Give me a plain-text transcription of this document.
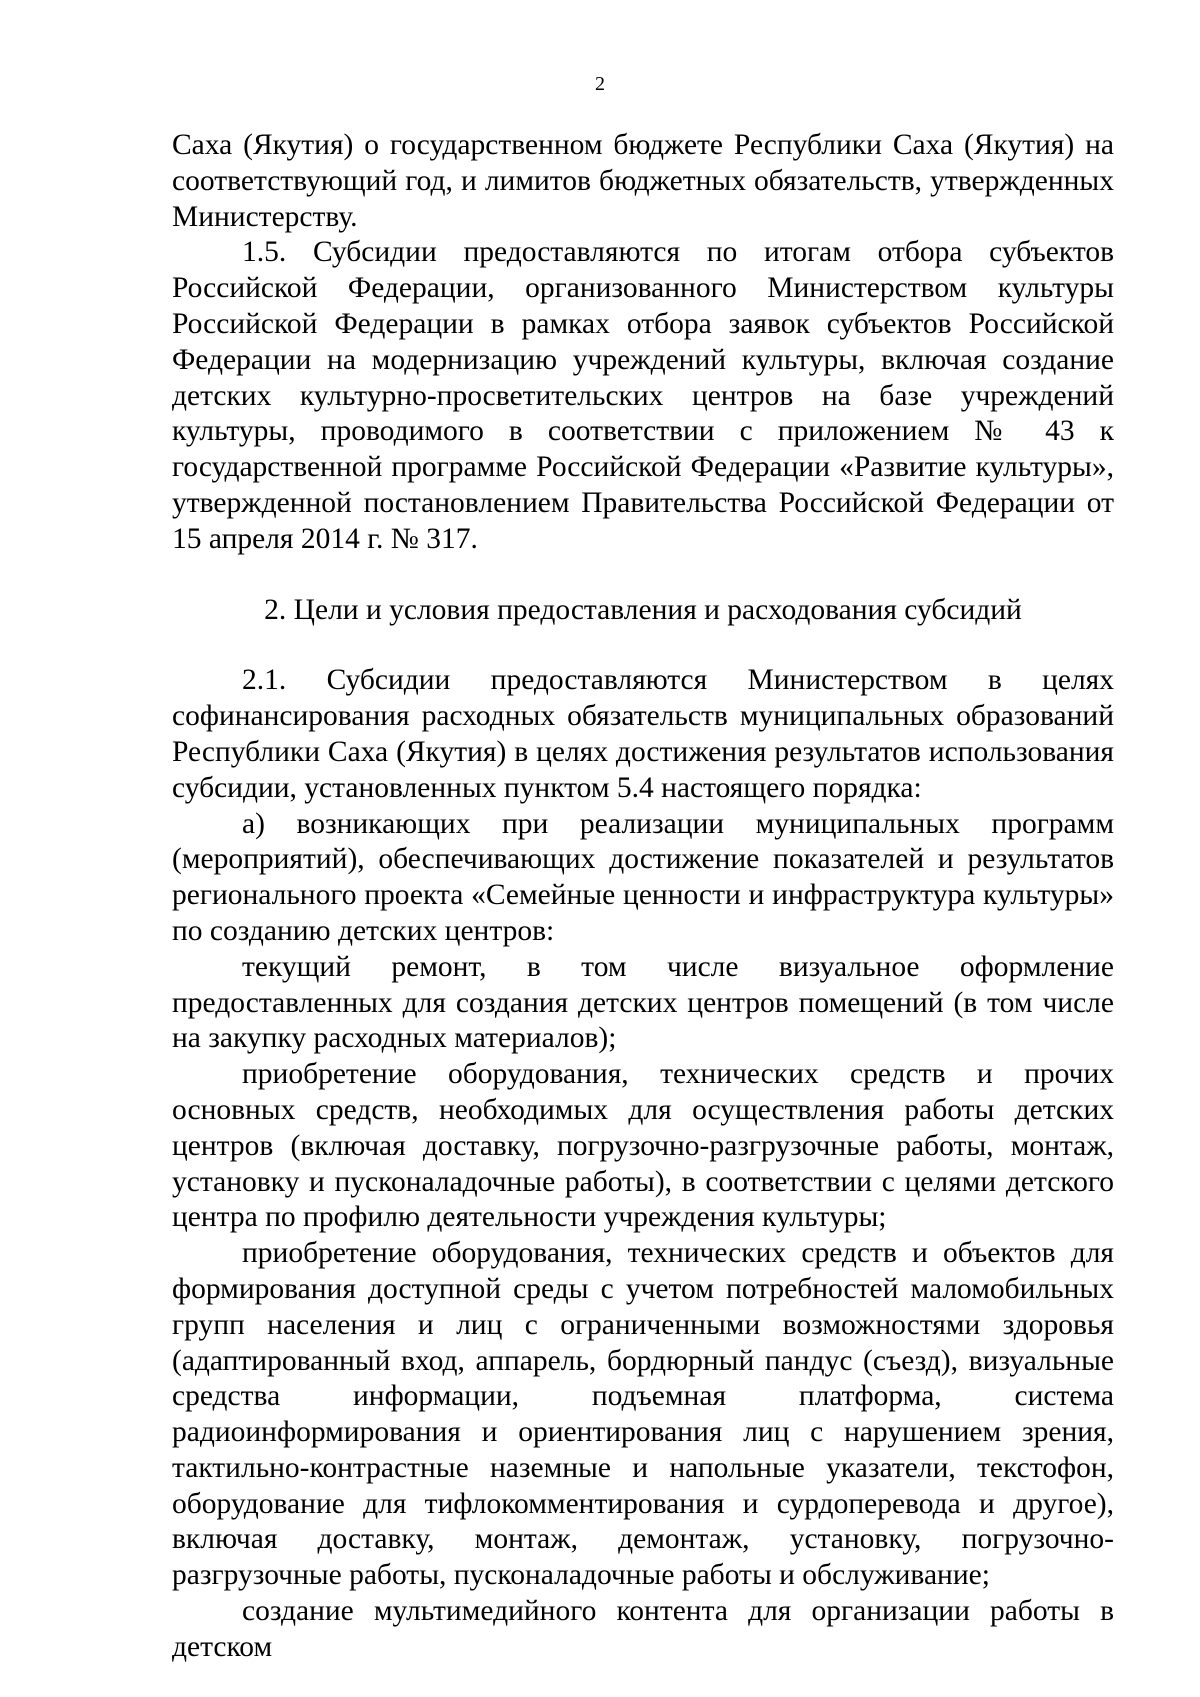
2

Саха (Якутия) о государственном бюджете Республики Саха (Якутия) на соответствующий год, и лимитов бюджетных обязательств, утвержденных Министерству.

1.5. Субсидии предоставляются по итогам отбора субъектов Российской Федерации, организованного Министерством культуры Российской Федерации в рамках отбора заявок субъектов Российской Федерации на модернизацию учреждений культуры, включая создание детских культурно-просветительских центров на базе учреждений культуры, проводимого в соответствии с приложением № 43 к государственной программе Российской Федерации «Развитие культуры», утвержденной постановлением Правительства Российской Федерации от 15 апреля 2014 г. № 317.

2. Цели и условия предоставления и расходования субсидий

2.1. Субсидии предоставляются Министерством в целях софинансирования расходных обязательств муниципальных образований Республики Саха (Якутия) в целях достижения результатов использования субсидии, установленных пунктом 5.4 настоящего порядка:

а) возникающих при реализации муниципальных программ (мероприятий), обеспечивающих достижение показателей и результатов регионального проекта «Семейные ценности и инфраструктура культуры» по созданию детских центров:

текущий ремонт, в том числе визуальное оформление предоставленных для создания детских центров помещений (в том числе на закупку расходных материалов);

приобретение оборудования, технических средств и прочих основных средств, необходимых для осуществления работы детских центров (включая доставку, погрузочно-разгрузочные работы, монтаж, установку и пусконаладочные работы), в соответствии с целями детского центра по профилю деятельности учреждения культуры;

приобретение оборудования, технических средств и объектов для формирования доступной среды с учетом потребностей маломобильных групп населения и лиц с ограниченными возможностями здоровья (адаптированный вход, аппарель, бордюрный пандус (съезд), визуальные средства информации, подъемная платформа, система радиоинформирования и ориентирования лиц с нарушением зрения, тактильно-контрастные наземные и напольные указатели, текстофон, оборудование для тифлокомментирования и сурдоперевода и другое), включая доставку, монтаж, демонтаж, установку, погрузочно-разгрузочные работы, пусконаладочные работы и обслуживание;

создание мультимедийного контента для организации работы в детском
